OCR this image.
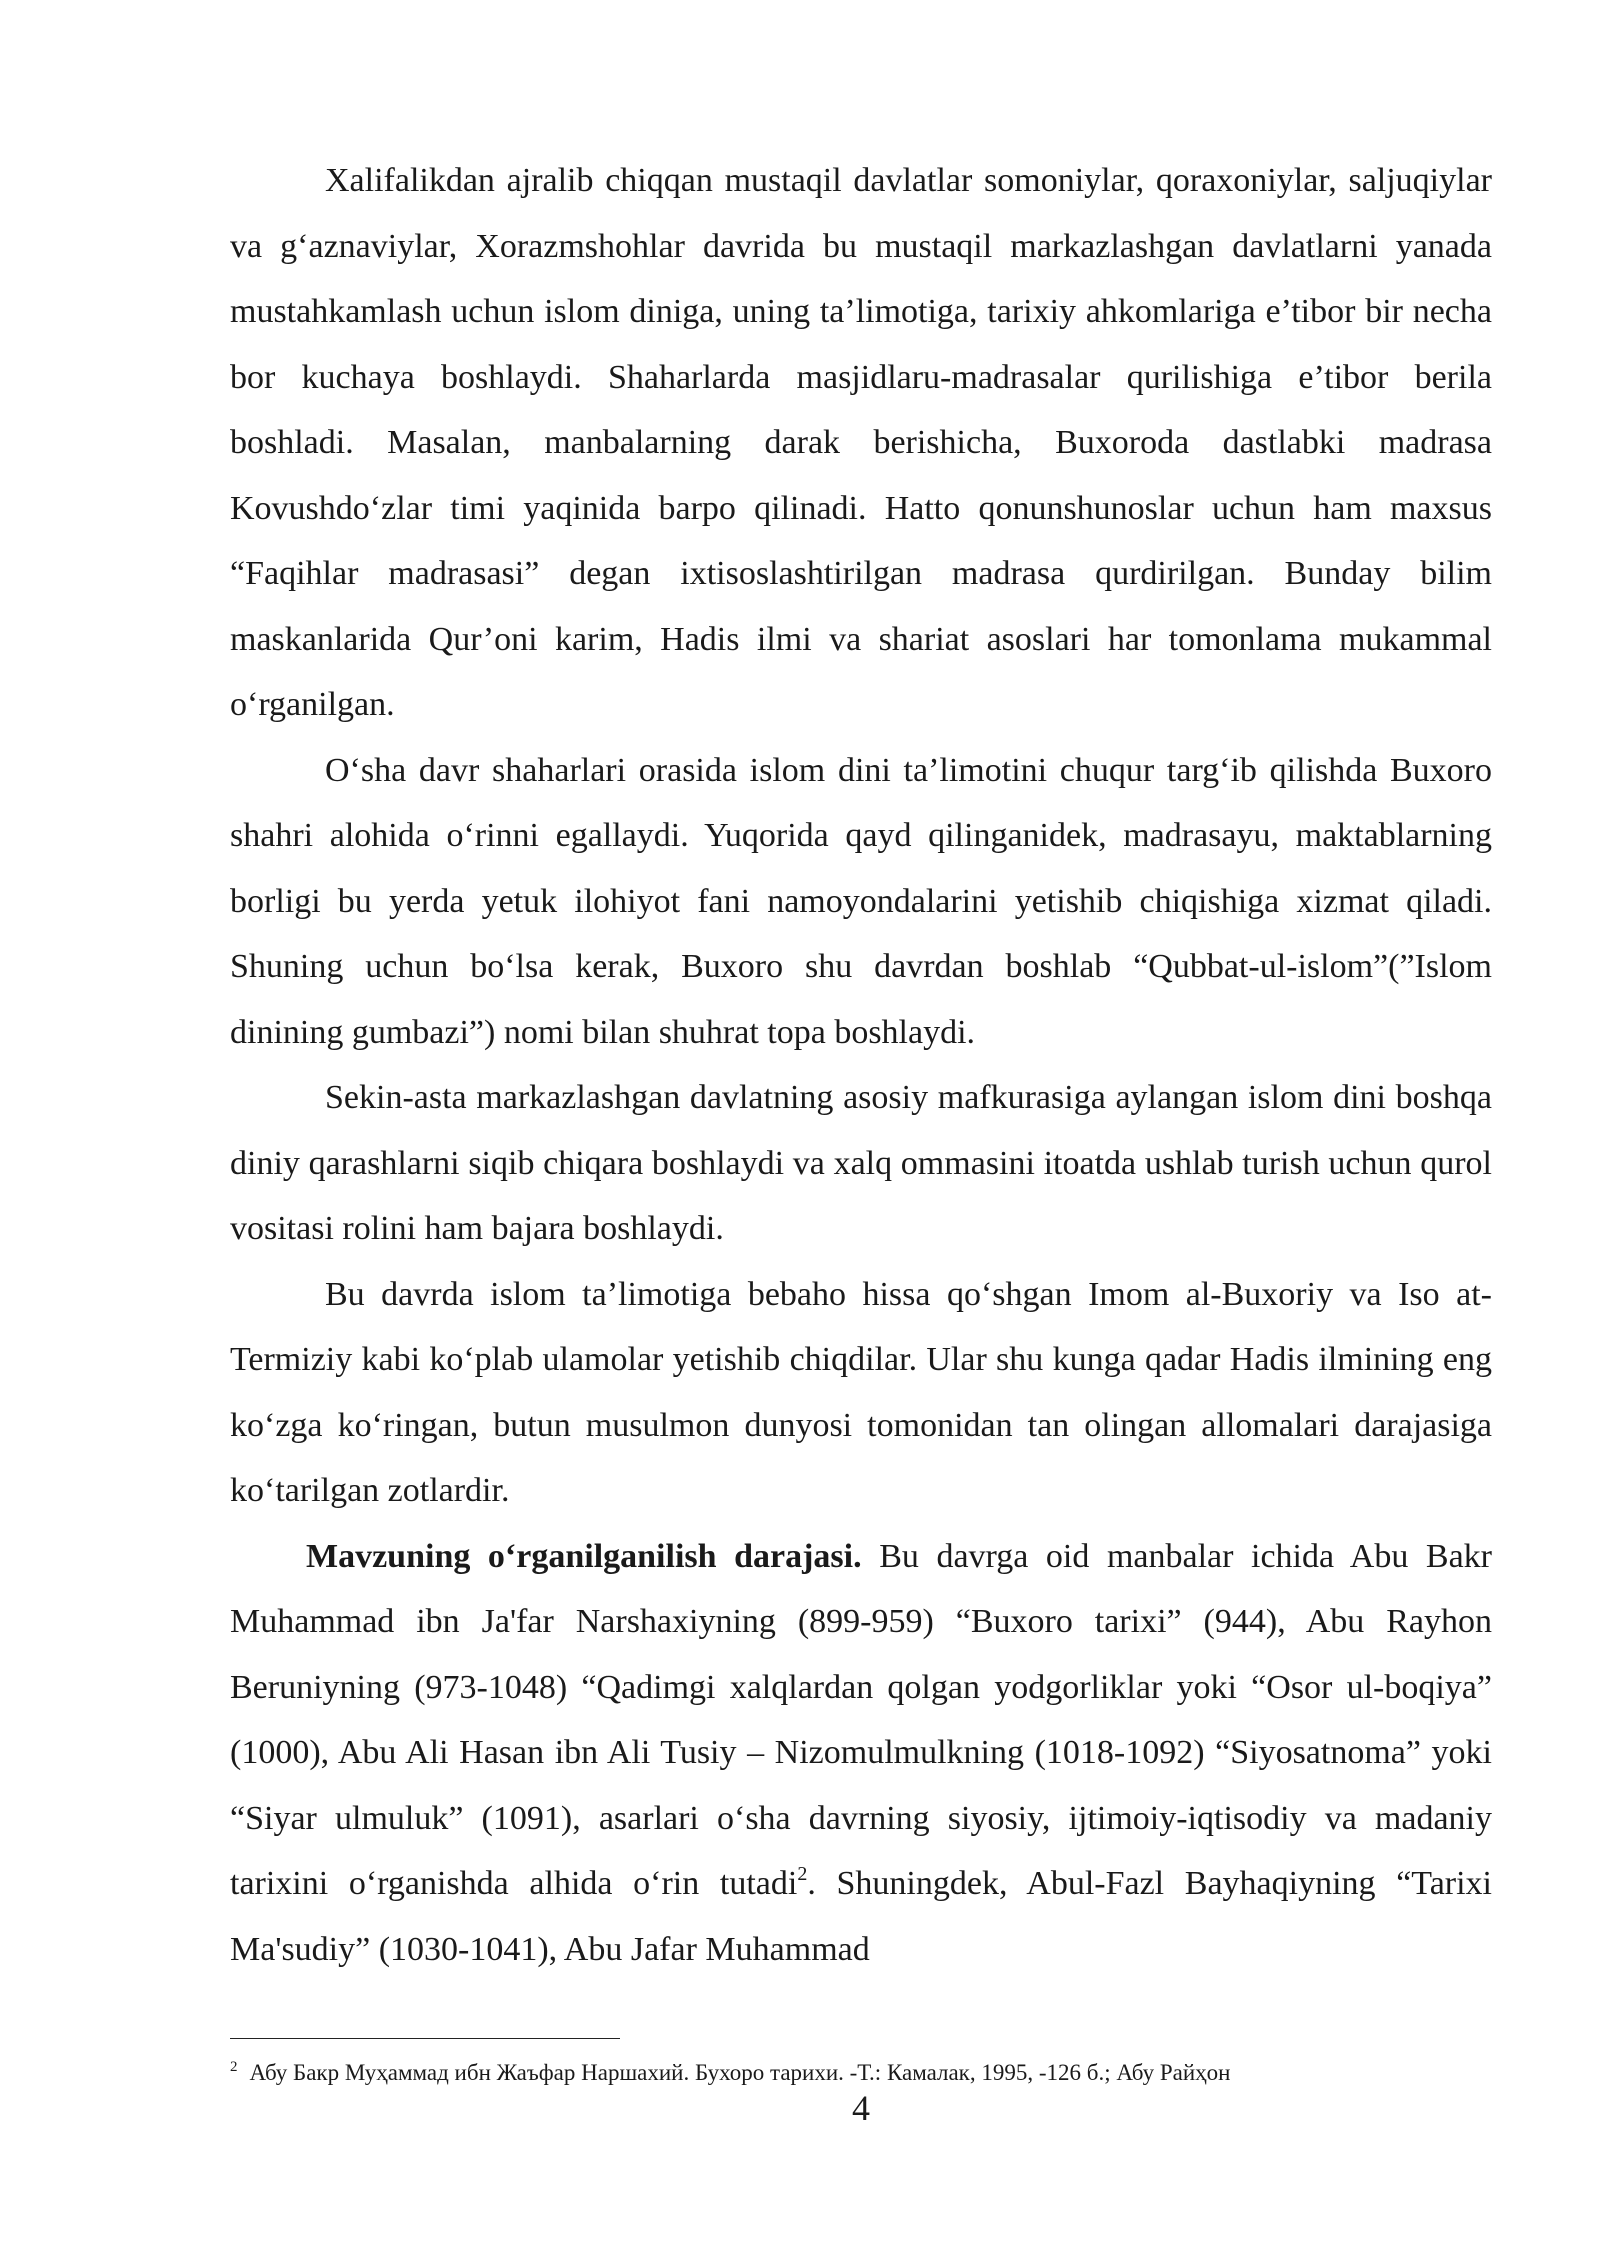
Xalifalikdan ajralib chiqqan mustaqil davlatlar somoniylar, qoraxoniylar, saljuqiylar va g‘aznaviylar, Xorazmshohlar davrida bu mustaqil markazlashgan davlatlarni yanada mustahkamlash uchun islom diniga, uning ta’limotiga, tarixiy ahkomlariga e’tibor bir necha bor kuchaya boshlaydi. Shaharlarda masjidlaru-madrasalar qurilishiga e’tibor berila boshladi. Masalan, manbalarning darak berishicha, Buxoroda dastlabki madrasa Kovushdo‘zlar timi yaqinida barpo qilinadi. Hatto qonunshunoslar uchun ham maxsus “Faqihlar madrasasi” degan ixtisoslashtirilgan madrasa qurdirilgan. Bunday bilim maskanlarida Qur’oni karim, Hadis ilmi va shariat asoslari har tomonlama mukammal o‘rganilgan.

O‘sha davr shaharlari orasida islom dini ta’limotini chuqur targ‘ib qilishda Buxoro shahri alohida o‘rinni egallaydi. Yuqorida qayd qilinganidek, madrasayu, maktablarning borligi bu yerda yetuk ilohiyot fani namoyondalarini yetishib chiqishiga xizmat qiladi. Shuning uchun bo‘lsa kerak, Buxoro shu davrdan boshlab “Qubbat-ul-islom”(”Islom dinining gumbazi”) nomi bilan shuhrat topa boshlaydi.

Sekin-asta markazlashgan davlatning asosiy mafkurasiga aylangan islom dini boshqa diniy qarashlarni siqib chiqara boshlaydi va xalq ommasini itoatda ushlab turish uchun qurol vositasi rolini ham bajara boshlaydi.

Bu davrda islom ta’limotiga bebaho hissa qo‘shgan Imom al-Buxoriy va Iso at-Termiziy kabi ko‘plab ulamolar yetishib chiqdilar. Ular shu kunga qadar Hadis ilmining eng ko‘zga ko‘ringan, butun musulmon dunyosi tomonidan tan olingan allomalari darajasiga ko‘tarilgan zotlardir.

Mavzuning o‘rganilganilish darajasi. Bu davrga oid manbalar ichida Abu Bakr Muhammad ibn Ja'far Narshaxiyning (899-959) “Buxoro tarixi” (944), Abu Rayhon Beruniyning (973-1048) “Qadimgi xalqlardan qolgan yodgorliklar yoki “Osor ul-boqiya” (1000), Abu Ali Hasan ibn Ali Tusiy – Nizomulmulkning (1018-1092) “Siyosatnoma” yoki “Siyar ulmuluk” (1091), asarlari o‘sha davrning siyosiy, ijtimoiy-iqtisodiy va madaniy tarixini o‘rganishda alhida o‘rin tutadi$^2$. Shuningdek, Abul-Fazl Bayhaqiyning “Tarixi Ma'sudiy” (1030-1041), Abu Jafar Muhammad

$^2$ Абу Бакр Муҳаммад ибн Жаъфар Наршахий. Бухоро тарихи. -Т.: Камалак, 1995, -126 б.; Абу Райҳон
4
